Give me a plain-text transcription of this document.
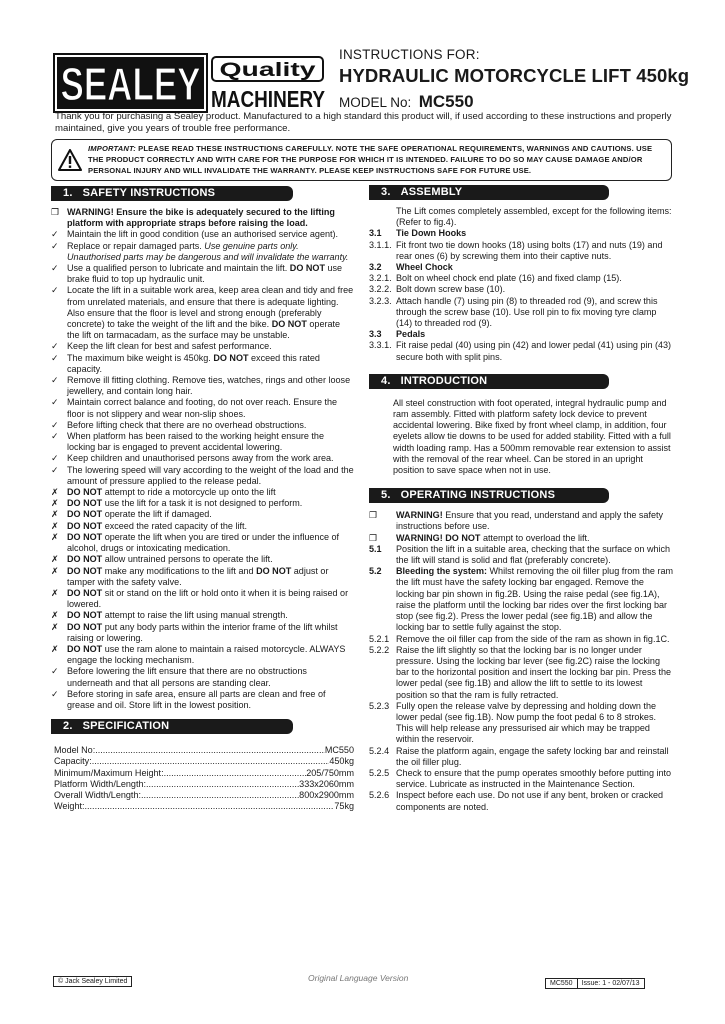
SEALEY Quality
MACHINERY
INSTRUCTIONS FOR:
HYDRAULIC MOTORCYCLE LIFT 450kg
MODEL No: MC550
Thank you for purchasing a Sealey product. Manufactured to a high standard this product will, if used according to these instructions and properly maintained, give you years of trouble free performance.
IMPORTANT: PLEASE READ THESE INSTRUCTIONS CAREFULLY. NOTE THE SAFE OPERATIONAL REQUIREMENTS, WARNINGS AND CAUTIONS. USE THE PRODUCT CORRECTLY AND WITH CARE FOR THE PURPOSE FOR WHICH IT IS INTENDED. FAILURE TO DO SO MAY CAUSE DAMAGE AND/OR PERSONAL INJURY AND WILL INVALIDATE THE WARRANTY. PLEASE KEEP INSTRUCTIONS SAFE FOR FUTURE USE.
1. SAFETY INSTRUCTIONS
❐ WARNING! Ensure the bike is adequately secured to the lifting platform with appropriate straps before raising the load.
✓ Maintain the lift in good condition (use an authorised service agent).
✓ Replace or repair damaged parts. Use genuine parts only. Unauthorised parts may be dangerous and will invalidate the warranty.
✓ Use a qualified person to lubricate and maintain the lift. DO NOT use brake fluid to top up hydraulic unit.
✓ Locate the lift in a suitable work area, keep area clean and tidy and free from unrelated materials, and ensure that there is adequate lighting. Also ensure that the floor is level and strong enough (preferably concrete) to take the weight of the lift and the bike. DO NOT operate the lift on tarmacadam, as the surface may be unstable.
✓ Keep the lift clean for best and safest performance.
✓ The maximum bike weight is 450kg. DO NOT exceed this rated capacity.
✓ Remove ill fitting clothing. Remove ties, watches, rings and other loose jewellery, and contain long hair.
✓ Maintain correct balance and footing, do not over reach. Ensure the floor is not slippery and wear non-slip shoes.
✓ Before lifting check that there are no overhead obstructions.
✓ When platform has been raised to the working height ensure the locking bar is engaged to prevent accidental lowering.
✓ Keep children and unauthorised persons away from the work area.
✓ The lowering speed will vary according to the weight of the load and the amount of pressure applied to the release pedal.
✗ DO NOT attempt to ride a motorcycle up onto the lift
✗ DO NOT use the lift for a task it is not designed to perform.
✗ DO NOT operate the lift if damaged.
✗ DO NOT exceed the rated capacity of the lift.
✗ DO NOT operate the lift when you are tired or under the influence of alcohol, drugs or intoxicating medication.
✗ DO NOT allow untrained persons to operate the lift.
✗ DO NOT make any modifications to the lift and DO NOT adjust or tamper with the safety valve.
✗ DO NOT sit or stand on the lift or hold onto it when it is being raised or lowered.
✗ DO NOT attempt to raise the lift using manual strength.
✗ DO NOT put any body parts within the interior frame of the lift whilst raising or lowering.
✗ DO NOT use the ram alone to maintain a raised motorcycle. ALWAYS engage the locking mechanism.
✓ Before lowering the lift ensure that there are no obstructions underneath and that all persons are standing clear.
✓ Before storing in safe area, ensure all parts are clean and free of grease and oil. Store lift in the lowest position.
2. SPECIFICATION
Model No: .....	MC550
Capacity: .....	450kg
Minimum/Maximum Height: .....	205/750mm
Platform Width/Length: .....	333x2060mm
Overall Width/Length: .....	800x2900mm
Weight: .....	75kg
3. ASSEMBLY
The Lift comes completely assembled, except for the following items: (Refer to fig.4).
3.1 Tie Down Hooks
3.1.1. Fit front two tie down hooks (18) using bolts (17) and nuts (19) and rear ones (6) by screwing them into their captive nuts.
3.2 Wheel Chock
3.2.1. Bolt on wheel chock end plate (16) and fixed clamp (15).
3.2.2. Bolt down screw base (10).
3.2.3. Attach handle (7) using pin (8) to threaded rod (9), and screw this through the screw base (10). Use roll pin to fix moving tyre clamp (14) to threaded rod (9).
3.3 Pedals
3.3.1. Fit raise pedal (40) using pin (42) and lower pedal (41) using pin (43) secure both with split pins.
4. INTRODUCTION
All steel construction with foot operated, integral hydraulic pump and ram assembly. Fitted with platform safety lock device to prevent accidental lowering. Bike fixed by front wheel clamp, in addition, four eyelets allow tie downs to be used for added stability. Fitted with a full width loading ramp. Has a 500mm removable rear extension to assist with the removal of the rear wheel. Can be stored in an upright position to save space when not in use.
5. OPERATING INSTRUCTIONS
❐ WARNING! Ensure that you read, understand and apply the safety instructions before use.
❐ WARNING! DO NOT attempt to overload the lift.
5.1 Position the lift in a suitable area, checking that the surface on which the lift will stand is solid and flat (preferably concrete).
5.2 Bleeding the system: Whilst removing the oil filler plug from the ram the lift must have the safety locking bar engaged. Remove the locking bar pin shown in fig.2B. Using the raise pedal (see fig.1A), raise the platform until the locking bar rides over the first locking bar stop (see fig.2). Press the lower pedal (see fig.1B) and allow the locking bar to settle fully against the stop.
5.2.1 Remove the oil filler cap from the side of the ram as shown in fig.1C.
5.2.2 Raise the lift slightly so that the locking bar is no longer under pressure. Using the locking bar lever (see fig.2C) raise the locking bar to the horizontal position and insert the locking bar pin. Press the lower pedal (see fig.1B) and allow the lift to settle to its lowest position so that the ram is fully retracted.
5.2.3 Fully open the release valve by depressing and holding down the lower pedal (see fig.1B). Now pump the foot pedal 6 to 8 strokes. This will help release any pressurised air which may be trapped within the reservoir.
5.2.4 Raise the platform again, engage the safety locking bar and reinstall the oil filler plug.
5.2.5 Check to ensure that the pump operates smoothly before putting into service. Lubricate as instructed in the Maintenance Section.
5.2.6 Inspect before each use. Do not use if any bent, broken or cracked components are noted.
© Jack Sealey Limited	Original Language Version
MC550	Issue: 1 - 02/07/13
